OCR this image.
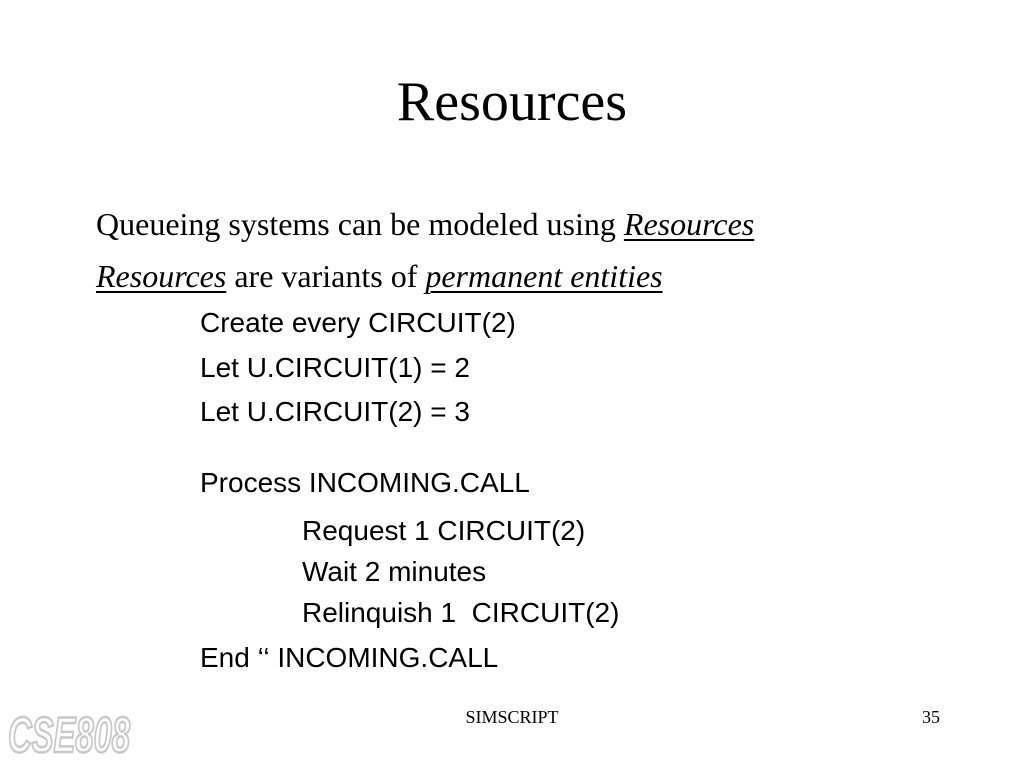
Resources
Queueing systems can be modeled using Resources
Resources are variants of permanent entities
Create every CIRCUIT(2)
Let U.CIRCUIT(1) = 2
Let U.CIRCUIT(2) = 3
Process INCOMING.CALL
Request 1 CIRCUIT(2)
Wait 2 minutes
Relinquish 1  CIRCUIT(2)
End ‘‘ INCOMING.CALL
CSE808	SIMSCRIPT	35
